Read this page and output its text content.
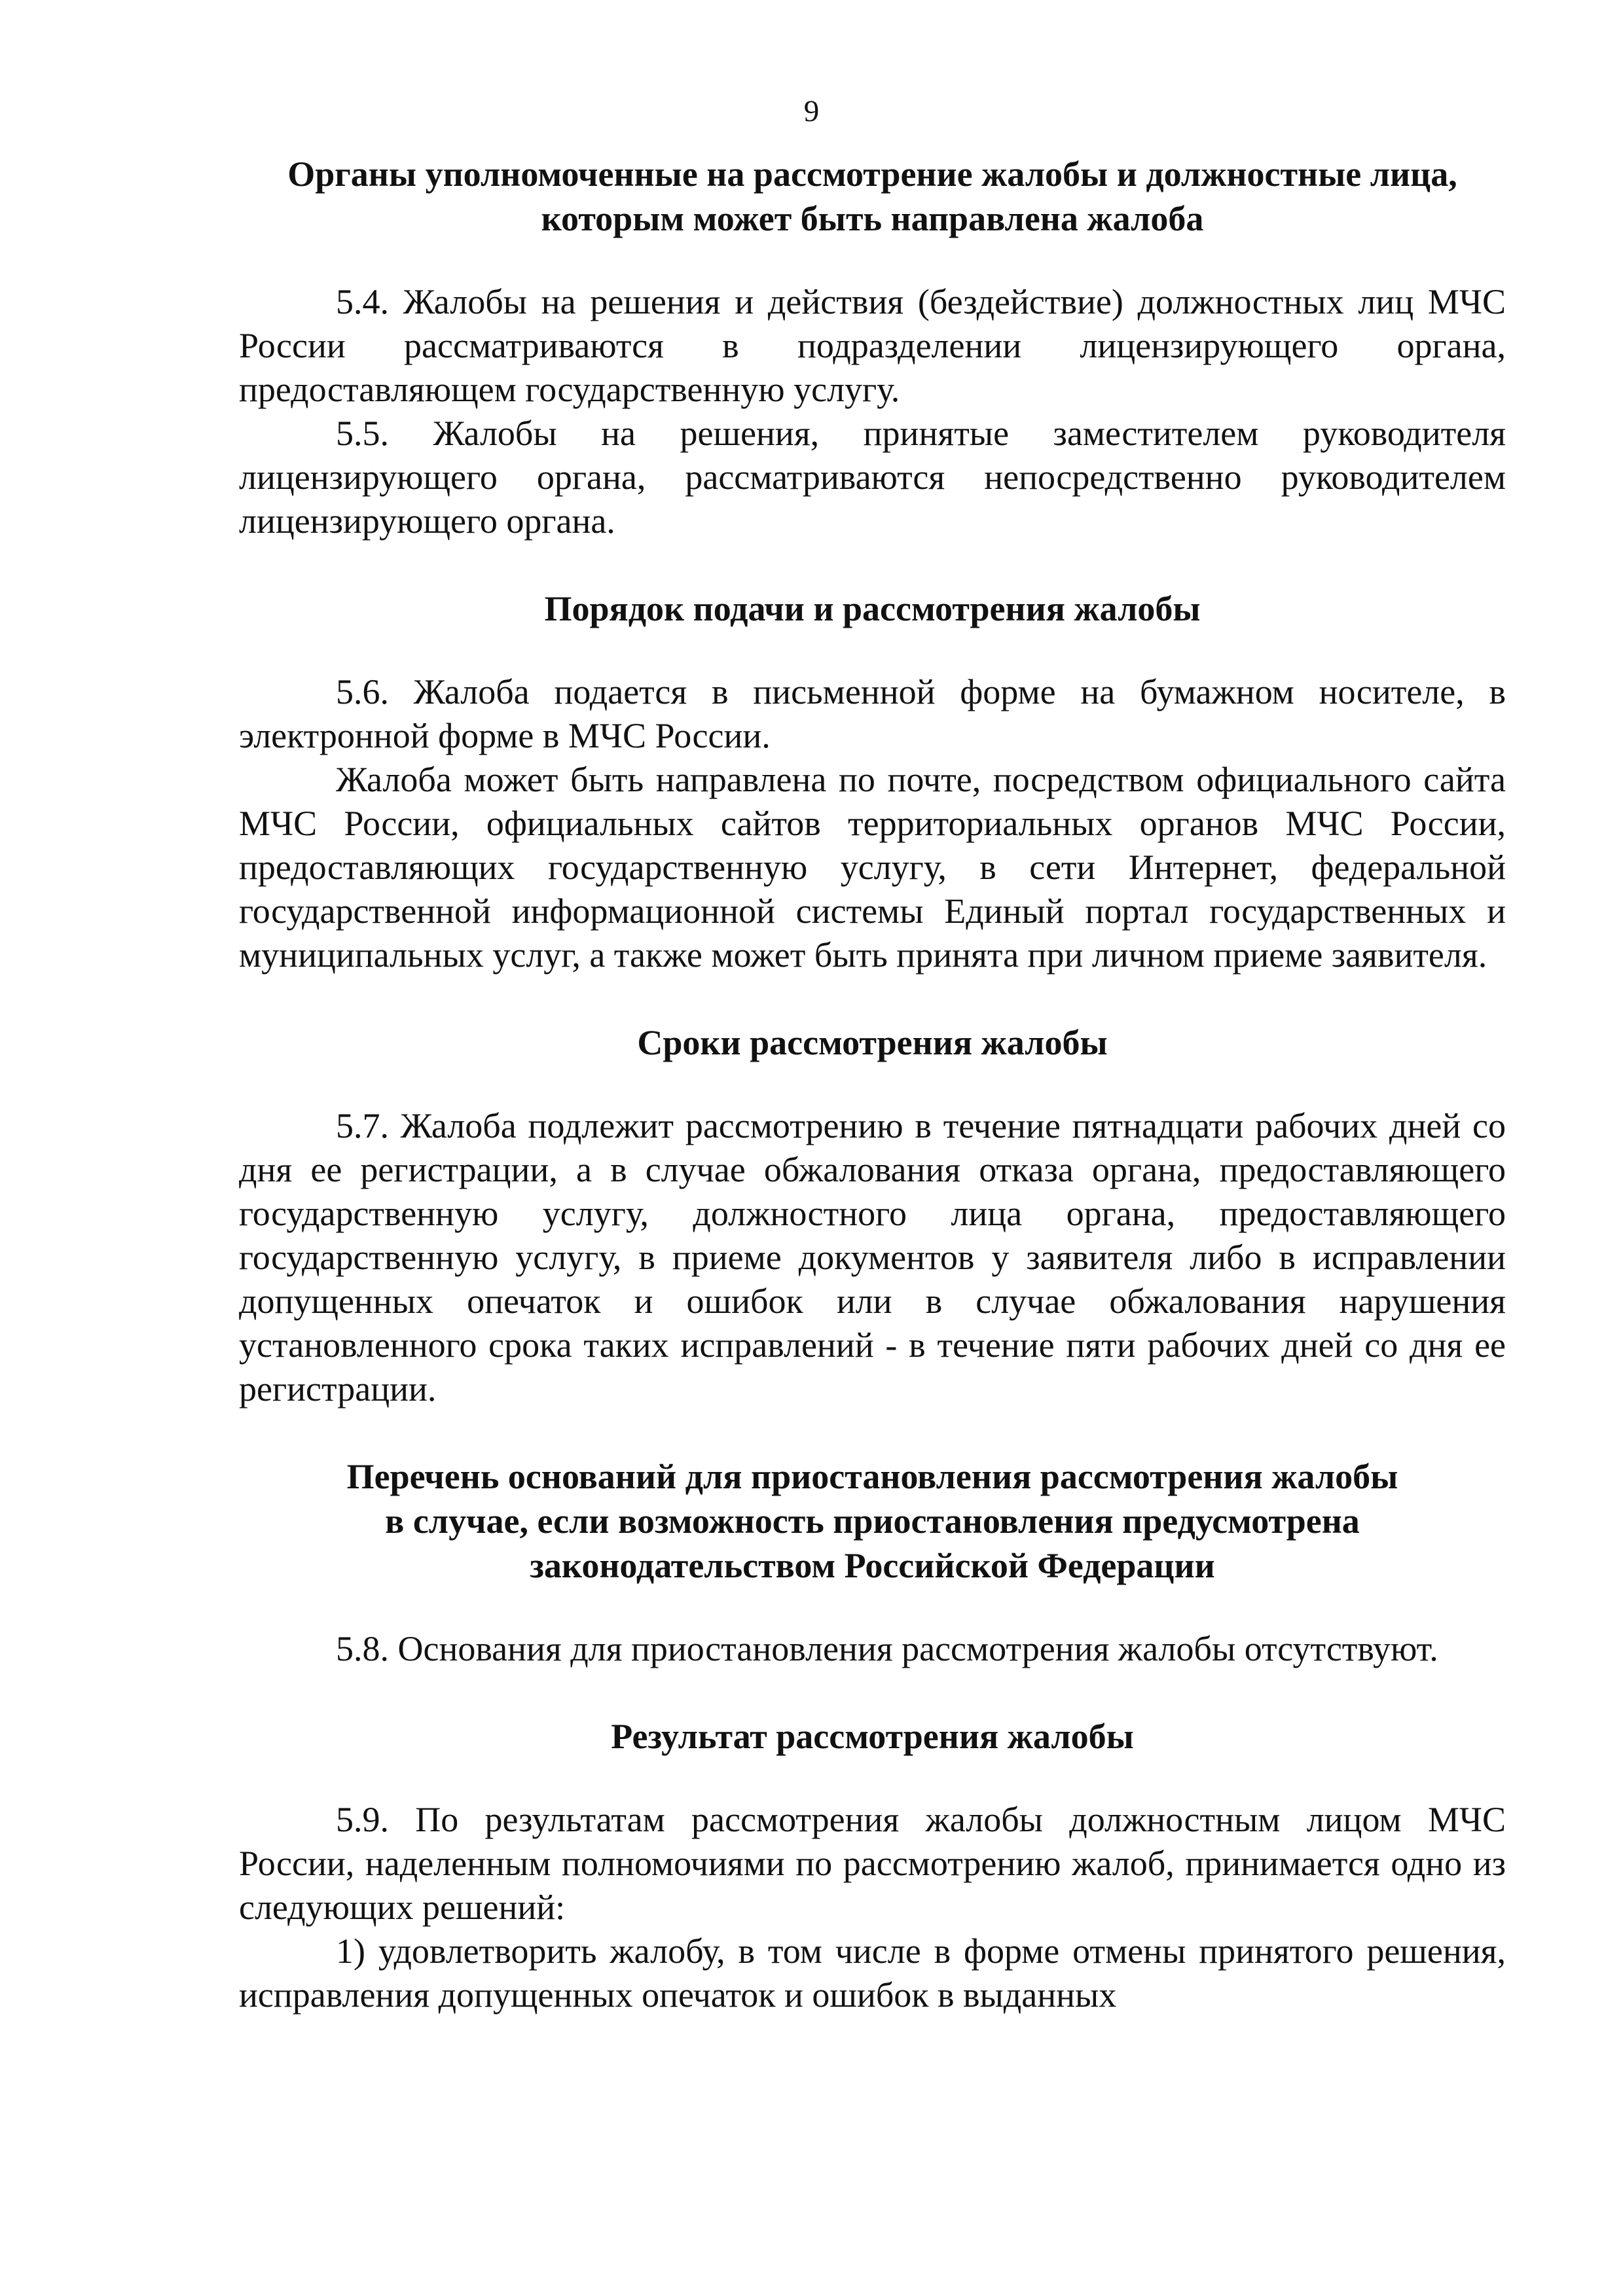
9
Органы уполномоченные на рассмотрение жалобы и должностные лица,
которым может быть направлена жалоба

5.4. Жалобы на решения и действия (бездействие) должностных лиц МЧС России рассматриваются в подразделении лицензирующего органа, предоставляющем государственную услугу.

5.5. Жалобы на решения, принятые заместителем руководителя лицензирующего органа, рассматриваются непосредственно руководителем лицензирующего органа.

Порядок подачи и рассмотрения жалобы

5.6. Жалоба подается в письменной форме на бумажном носителе, в электронной форме в МЧС России.

Жалоба может быть направлена по почте, посредством официального сайта МЧС России, официальных сайтов территориальных органов МЧС России, предоставляющих государственную услугу, в сети Интернет, федеральной государственной информационной системы Единый портал государственных и муниципальных услуг, а также может быть принята при личном приеме заявителя.

Сроки рассмотрения жалобы

5.7. Жалоба подлежит рассмотрению в течение пятнадцати рабочих дней со дня ее регистрации, а в случае обжалования отказа органа, предоставляющего государственную услугу, должностного лица органа, предоставляющего государственную услугу, в приеме документов у заявителя либо в исправлении допущенных опечаток и ошибок или в случае обжалования нарушения установленного срока таких исправлений - в течение пяти рабочих дней со дня ее регистрации.

Перечень оснований для приостановления рассмотрения жалобы
в случае, если возможность приостановления предусмотрена
законодательством Российской Федерации

5.8. Основания для приостановления рассмотрения жалобы отсутствуют.

Результат рассмотрения жалобы

5.9. По результатам рассмотрения жалобы должностным лицом МЧС России, наделенным полномочиями по рассмотрению жалоб, принимается одно из следующих решений:

1) удовлетворить жалобу, в том числе в форме отмены принятого решения, исправления допущенных опечаток и ошибок в выданных
